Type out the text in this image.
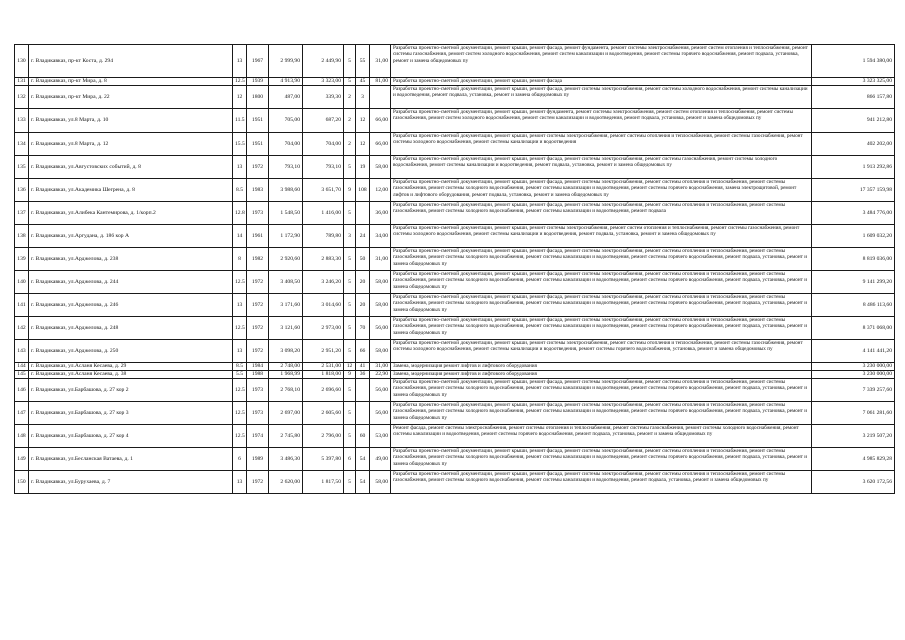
130	г. Владикавказ, пр-кт Коста, д. 294	13	1967	2 999,90	2 449,90	5	55	31,00	Разработка проектно-сметной документации, ремонт крыши, ремонт фасада, ремонт фундамента, ремонт системы электроснабжения, ремонт систем отопления и теплоснабжения, ремонт системы газоснабжения, ремонт систем холодного водоснабжения, ремонт систем канализации и водоотведения, ремонт системы горячего водоснабжения, ремонт подвала, установка, ремонт и замена общедомовых пу	1 594 380,00
131	г. Владикавказ, пр-кт Мира, д. 8	12.5	1939	4 913,90	3 323,00	5	45	81,00	Разработка проектно-сметной документации, ремонт крыши, ремонт фасада	3 323 325,00
132	г. Владикавказ, пр-кт Мира, д. 22	12	1800	487,00	339,30	2	3		Разработка проектно-сметной документации, ремонт крыши, ремонт фасада, ремонт системы электроснабжения, ремонт системы холодного водоснабжения, ремонт системы канализации и водоотведения, ремонт подвала, установка, ремонт и замена общедомовых пу	866 157,80
133	г. Владикавказ, ул.8 Марта, д. 10	11.5	1951	705,00	687,20	2	12	66,00	Разработка проектно-сметной документации, ремонт крыши, ремонт фундамента, ремонт системы электроснабжения, ремонт систем отопления и теплоснабжения, ремонт системы газоснабжения, ремонт систем холодного водоснабжения, ремонт систем канализации и водоотведения, ремонт подвала, установка, ремонт и замена общедомовых пу	941 212,80
134	г. Владикавказ, ул.8 Марта, д. 12	15.5	1951	704,00	704,00	2	12	66,00	Разработка проектно-сметной документации, ремонт крыши, ремонт системы электроснабжения, ремонт системы отопления и теплоснабжения, ремонт системы газоснабжения, ремонт системы холодного водоснабжения, ремонт системы канализации и водоотведения	402 202,00
135	г. Владикавказ, ул.Августовских событий, д. 8	13	1972	793,10	793,10	5	19	58,00	Разработка проектно-сметной документации, ремонт крыши, ремонт фасада, ремонт системы электроснабжения, ремонт системы газоснабжения, ремонт системы холодного водоснабжения, ремонт системы канализации и водоотведения, ремонт подвала, установка, ремонт и замена общедомовых пу	1 913 292,86
136	г. Владикавказ, ул.Академика Шегрена, д. 8	8.5	1983	3 988,60	3 651,70	9	108	12,00	Разработка проектно-сметной документации, ремонт крыши, ремонт фасада, ремонт системы электроснабжения, ремонт системы отопления и теплоснабжения, ремонт системы газоснабжения, ремонт системы холодного водоснабжения, ремонт системы канализации и водоотведения, ремонт системы горячего водоснабжения, замена электрощитовой, ремонт лифтов и лифтового оборудования, ремонт подвала, установка, ремонт и замена общедомовых пу	17 357 159,98
137	г. Владикавказ, ул.Алибека Кантемирова, д. 1/корп.2	12.8	1973	1 548,50	1 416,00	5		36,00	Разработка проектно-сметной документации, ремонт крыши, ремонт фасада, ремонт системы электроснабжения, ремонт системы отопления и теплоснабжения, ремонт системы газоснабжения, ремонт системы холодного водоснабжения, ремонт системы канализации и водоотведения, ремонт подвала	3 484 776,00
138	г. Владикавказ, ул.Аргудана, д. 186 кор А	14	1961	1 172,90	789,80	3	24	34,00	Разработка проектно-сметной документации, ремонт крыши, ремонт системы электроснабжения, ремонт систем отопления и теплоснабжения, ремонт системы газоснабжения, ремонт системы холодного водоснабжения, ремонт системы канализации и водоотведения, ремонт подвала, установка, ремонт и замена общедомовых пу	1 609 032,20
139	г. Владикавказ, ул.Арджелова, д. 238	8	1982	2 920,60	2 883,30	5	50	31,00	Разработка проектно-сметной документации, ремонт крыши, ремонт фасада, ремонт системы электроснабжения, ремонт системы отопления и теплоснабжения, ремонт системы газоснабжения, ремонт системы холодного водоснабжения, ремонт системы канализации и водоотведения, ремонт системы горячего водоснабжения, ремонт подвала, установка, ремонт и замена общедомовых пу	8 819 036,00
140	г. Владикавказ, ул.Арджелова, д. 244	12.5	1972	3 408,50	3 246,20	5	20	58,00	Разработка проектно-сметной документации, ремонт крыши, ремонт фасада, ремонт системы электроснабжения, ремонт системы отопления и теплоснабжения, ремонт системы газоснабжения, ремонт системы холодного водоснабжения, ремонт системы канализации и водоотведения, ремонт системы горячего водоснабжения, ремонт подвала, установка, ремонт и замена общедомовых пу	9 141 299,20
141	г. Владикавказ, ул.Арджелова, д. 246	13	1972	3 171,60	3 014,60	5	20	58,00	Разработка проектно-сметной документации, ремонт крыши, ремонт фасада, ремонт системы электроснабжения, ремонт системы отопления и теплоснабжения, ремонт системы газоснабжения, ремонт системы холодного водоснабжения, ремонт системы канализации и водоотведения, ремонт системы горячего водоснабжения, ремонт подвала, установка, ремонт и замена общедомовых пу	8 486 113,60
142	г. Владикавказ, ул.Арджелова, д. 248	12.5	1972	3 121,60	2 973,00	5	70	56,00	Разработка проектно-сметной документации, ремонт крыши, ремонт фасада, ремонт системы электроснабжения, ремонт системы отопления и теплоснабжения, ремонт системы газоснабжения, ремонт системы холодного водоснабжения, ремонт системы канализации и водоотведения, ремонт системы горячего водоснабжения, ремонт подвала, установка, ремонт и замена общедомовых пу	8 371 068,00
143	г. Владикавказ, ул.Арджелова, д. 250	13	1972	3 098,20	2 951,20	5	66	58,00	Разработка проектно-сметной документации, ремонт крыши, ремонт системы электроснабжения, ремонт системы отопления и теплоснабжения, ремонт системы газоснабжения, ремонт системы холодного водоснабжения, ремонт системы канализации и водоотведения, ремонт системы горячего водоснабжения, установка, ремонт и замена общедомовых пу	4 141 441,20
144	г. Владикавказ, ул.Асланя Кесаева, д. 29	8.5	1984	2 748,00	2 531,00	12	41	31,00	Замена, модернизация ремонт лифтов и лифтового оборудования	3 230 000,00
145	г. Владикавказ, ул.Асланя Кесаева, д. 38	5.5	1988	1 968,99	1 818,00	9	36	22,90	Замена, модернизация ремонт лифтов и лифтового оборудования	3 230 000,00
146	г. Владикавказ, ул.Барбашова, д. 27 кор 2	12.5	1973	2 768,10	2 696,60	5		56,00	Разработка проектно-сметной документации, ремонт крыши, ремонт фасада, ремонт системы электроснабжения, ремонт системы отопления и теплоснабжения, ремонт системы газоснабжения, ремонт системы холодного водоснабжения, ремонт системы канализации и водоотведения, ремонт системы горячего водоснабжения, ремонт подвала, установка, ремонт и замена общедомовых пу	7 339 257,60
147	г. Владикавказ, ул.Барбашова, д. 27 кор 3	12.5	1973	2 697,00	2 605,60	5		56,00	Разработка проектно-сметной документации, ремонт крыши, ремонт фасада, ремонт системы электроснабжения, ремонт системы отопления и теплоснабжения, ремонт системы газоснабжения, ремонт системы холодного водоснабжения, ремонт системы канализации и водоотведения, ремонт системы горячего водоснабжения, ремонт подвала, установка, ремонт и замена общедомовых пу	7 061 281,60
148	г. Владикавказ, ул.Барбашова, д. 27 кор 4	12.5	1974	2 745,80	2 796,00	5	60	53,00	Ремонт фасада, ремонт системы электроснабжения, ремонт системы отопления и теплоснабжения, ремонт системы газоснабжения, ремонт системы холодного водоснабжения, ремонт системы канализации и водоотведения, ремонт системы горячего водоснабжения, ремонт подвала, установка, ремонт и замена общедомовых пу	3 219 507,20
149	г. Владикавказ, ул.Бесланская Ватаева, д. 1	6	1989	3 486,30	5 397,80	6	54	49,00	Разработка проектно-сметной документации, ремонт крыши, ремонт фасада, ремонт системы электроснабжения, ремонт системы отопления и теплоснабжения, ремонт системы газоснабжения, ремонт системы холодного водоснабжения, ремонт системы канализации и водоотведения, ремонт системы горячего водоснабжения, ремонт подвала, установка, ремонт и замена общедомовых пу	4 985 829,28
150	г. Владикавказ, ул.Бурухаева, д. 7	13	1972	2 620,00	1 817,50	5	54	58,00	Разработка проектно-сметной документации, ремонт крыши, ремонт фасада, ремонт системы электроснабжения, ремонт системы отопления и теплоснабжения, ремонт системы газоснабжения, ремонт системы холодного водоснабжения, ремонт системы канализации и водоотведения, ремонт подвала, установка, ремонт и замена общедомовых пу	3 620 172,56
